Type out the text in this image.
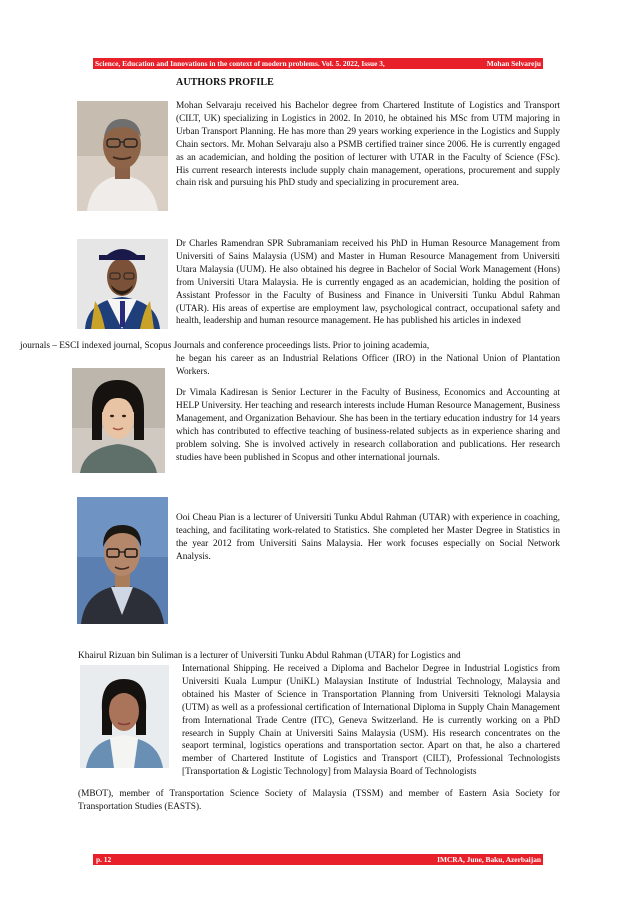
Science, Education and Innovations in the context of modern problems. Vol. 5. 2022, Issue 3,	Mohan Selvareju
AUTHORS PROFILE

Mohan Selvaraju received his Bachelor degree from Chartered Institute of Logistics and Transport (CILT, UK) specializing in Logistics in 2002. In 2010, he obtained his MSc from UTM majoring in Urban Transport Planning. He has more than 29 years working experience in the Logistics and Supply Chain sectors. Mr. Mohan Selvaraju also a PSMB certified trainer since 2006. He is currently engaged as an academician, and holding the position of lecturer with UTAR in the Faculty of Science (FSc). His current research interests include supply chain management, operations, procurement and supply chain risk and pursuing his PhD study and specializing in procurement area.

Dr Charles Ramendran SPR Subramaniam received his PhD in Human Resource Management from Universiti of Sains Malaysia (USM) and Master in Human Resource Management from Universiti Utara Malaysia (UUM). He also obtained his degree in Bachelor of Social Work Management (Hons) from Universiti Utara Malaysia. He is currently engaged as an academician, holding the position of Assistant Professor in the Faculty of Business and Finance in Universiti Tunku Abdul Rahman (UTAR). His areas of expertise are employment law, psychological contract, occupational safety and health, leadership and human resource management. He has published his articles in indexed

journals – ESCI indexed journal, Scopus Journals and conference proceedings lists. Prior to joining academia,

he began his career as an Industrial Relations Officer (IRO) in the National Union of Plantation Workers.

Dr Vimala Kadiresan is Senior Lecturer in the Faculty of Business, Economics and Accounting at HELP University. Her teaching and research interests include Human Resource Management, Business Management, and Organization Behaviour. She has been in the tertiary education industry for 14 years which has contributed to effective teaching of business-related subjects as in experience sharing and problem solving. She is involved actively in research collaboration and publications. Her research studies have been published in Scopus and other international journals.

Ooi Cheau Pian is a lecturer of Universiti Tunku Abdul Rahman (UTAR) with experience in coaching, teaching, and facilitating work-related to Statistics. She completed her Master Degree in Statistics in the year 2012 from Universiti Sains Malaysia. Her work focuses especially on Social Network Analysis.

Khairul Rizuan bin Suliman is a lecturer of Universiti Tunku Abdul Rahman (UTAR) for Logistics and

International Shipping. He received a Diploma and Bachelor Degree in Industrial Logistics from Universiti Kuala Lumpur (UniKL) Malaysian Institute of Industrial Technology, Malaysia and obtained his Master of Science in Transportation Planning from Universiti Teknologi Malaysia (UTM) as well as a professional certification of International Diploma in Supply Chain Management from International Trade Centre (ITC), Geneva Switzerland. He is currently working on a PhD research in Supply Chain at Universiti Sains Malaysia (USM). His research concentrates on the seaport terminal, logistics operations and transportation sector. Apart on that, he also a chartered member of Chartered Institute of Logistics and Transport (CILT), Professional Technologists [Transportation & Logistic Technology] from Malaysia Board of Technologists

(MBOT), member of Transportation Science Society of Malaysia (TSSM) and member of Eastern Asia Society for Transportation Studies (EASTS).

p. 12	IMCRA, June, Baku, Azerbaijan
